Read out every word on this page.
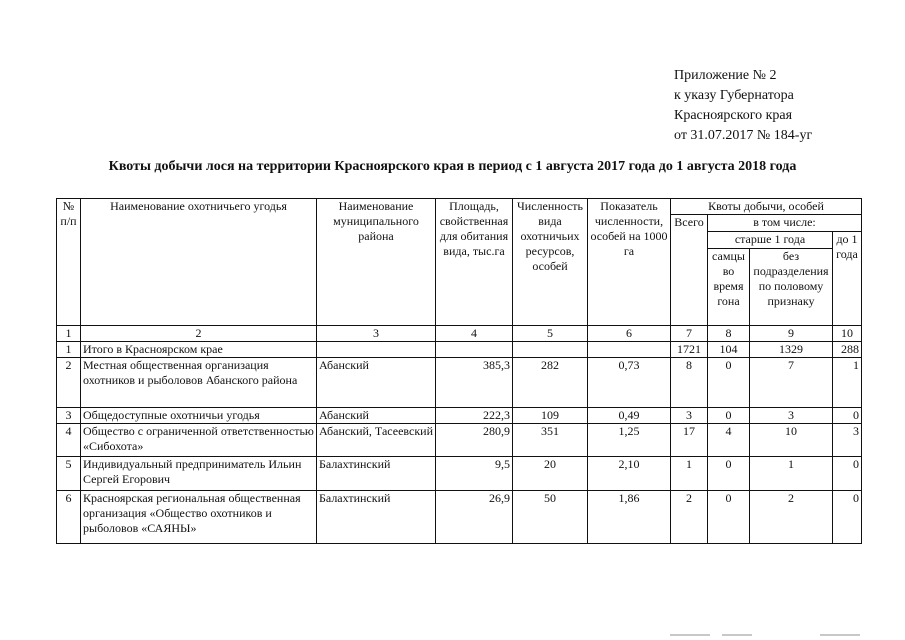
Приложение № 2
к указу Губернатора
Красноярского края
от 31.07.2017 № 184-уг
Квоты добычи лося на территории Красноярского края в период с 1 августа 2017 года до 1 августа 2018 года
№ п/п	Наименование охотничьего угодья	Наименование муниципального района	Площадь, свойственная для обитания вида, тыс.га	Численность вида охотничьих ресурсов, особей	Показатель численности, особей на 1000 га	Квоты добычи, особей			
						Всего	в том числе:		
							старше 1 года		до 1 года
							самцы во время гона	без подразделения по половому признаку	

1	2	3	4	5	6	7	8	9	10
1	Итого в Красноярском крае					1721	104	1329	288
2	Местная общественная организация охотников и рыболовов Абанского района	Абанский	385,3	282	0,73	8	0	7	1
3	Общедоступные охотничьи угодья	Абанский	222,3	109	0,49	3	0	3	0
4	Общество с ограниченной ответственностью «Сибохота»	Абанский, Тасеевский	280,9	351	1,25	17	4	10	3
5	Индивидуальный предприниматель Ильин Сергей Егорович	Балахтинский	9,5	20	2,10	1	0	1	0
6	Красноярская региональная общественная организация «Общество охотников и рыболовов «САЯНЫ»	Балахтинский	26,9	50	1,86	2	0	2	0
